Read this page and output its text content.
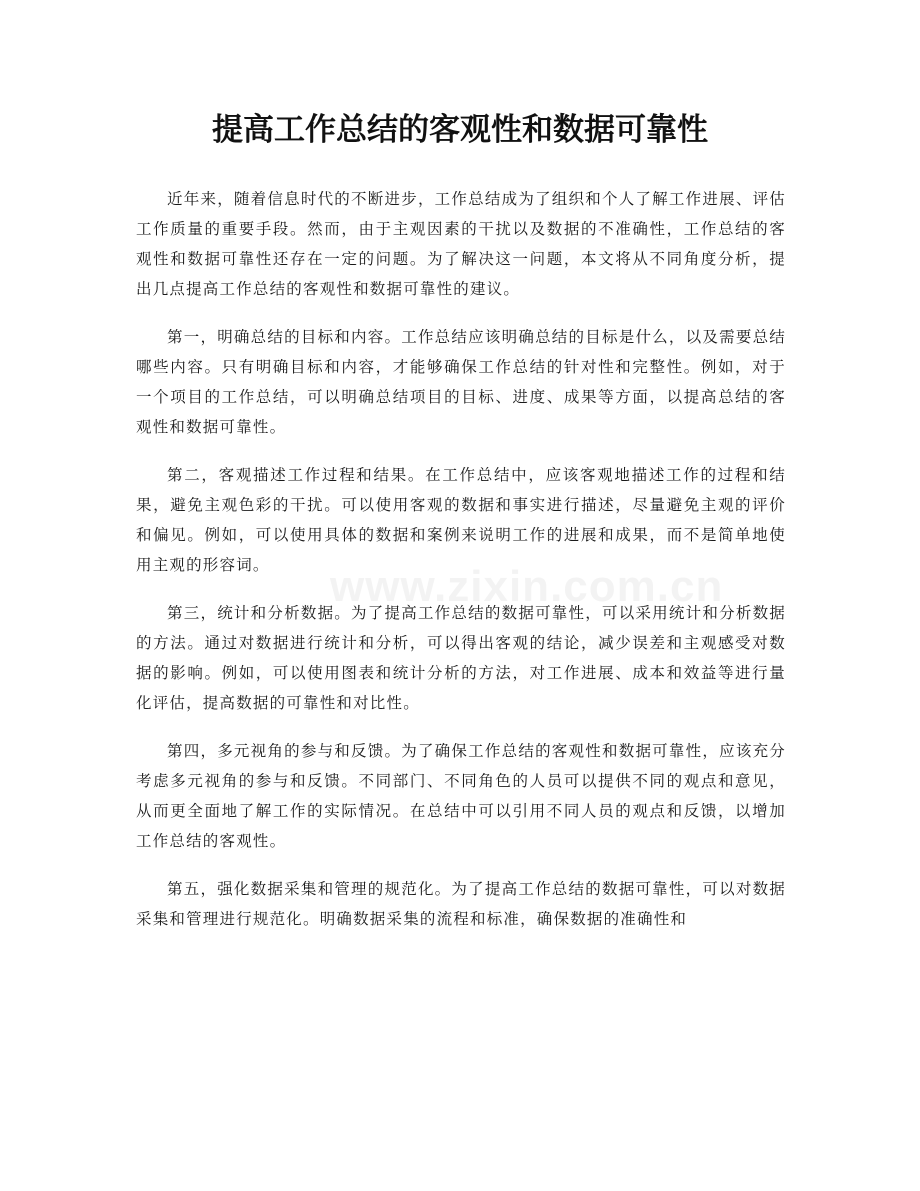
提高工作总结的客观性和数据可靠性

近年来，随着信息时代的不断进步，工作总结成为了组织和个人了解工作进展、评估工作质量的重要手段。然而，由于主观因素的干扰以及数据的不准确性，工作总结的客观性和数据可靠性还存在一定的问题。为了解决这一问题，本文将从不同角度分析，提出几点提高工作总结的客观性和数据可靠性的建议。

第一，明确总结的目标和内容。工作总结应该明确总结的目标是什么，以及需要总结哪些内容。只有明确目标和内容，才能够确保工作总结的针对性和完整性。例如，对于一个项目的工作总结，可以明确总结项目的目标、进度、成果等方面，以提高总结的客观性和数据可靠性。

第二，客观描述工作过程和结果。在工作总结中，应该客观地描述工作的过程和结果，避免主观色彩的干扰。可以使用客观的数据和事实进行描述，尽量避免主观的评价和偏见。例如，可以使用具体的数据和案例来说明工作的进展和成果，而不是简单地使用主观的形容词。

第三，统计和分析数据。为了提高工作总结的数据可靠性，可以采用统计和分析数据的方法。通过对数据进行统计和分析，可以得出客观的结论，减少误差和主观感受对数据的影响。例如，可以使用图表和统计分析的方法，对工作进展、成本和效益等进行量化评估，提高数据的可靠性和对比性。

第四，多元视角的参与和反馈。为了确保工作总结的客观性和数据可靠性，应该充分考虑多元视角的参与和反馈。不同部门、不同角色的人员可以提供不同的观点和意见，从而更全面地了解工作的实际情况。在总结中可以引用不同人员的观点和反馈，以增加工作总结的客观性。

第五，强化数据采集和管理的规范化。为了提高工作总结的数据可靠性，可以对数据采集和管理进行规范化。明确数据采集的流程和标准，确保数据的准确性和

www.zixin.com.cn
